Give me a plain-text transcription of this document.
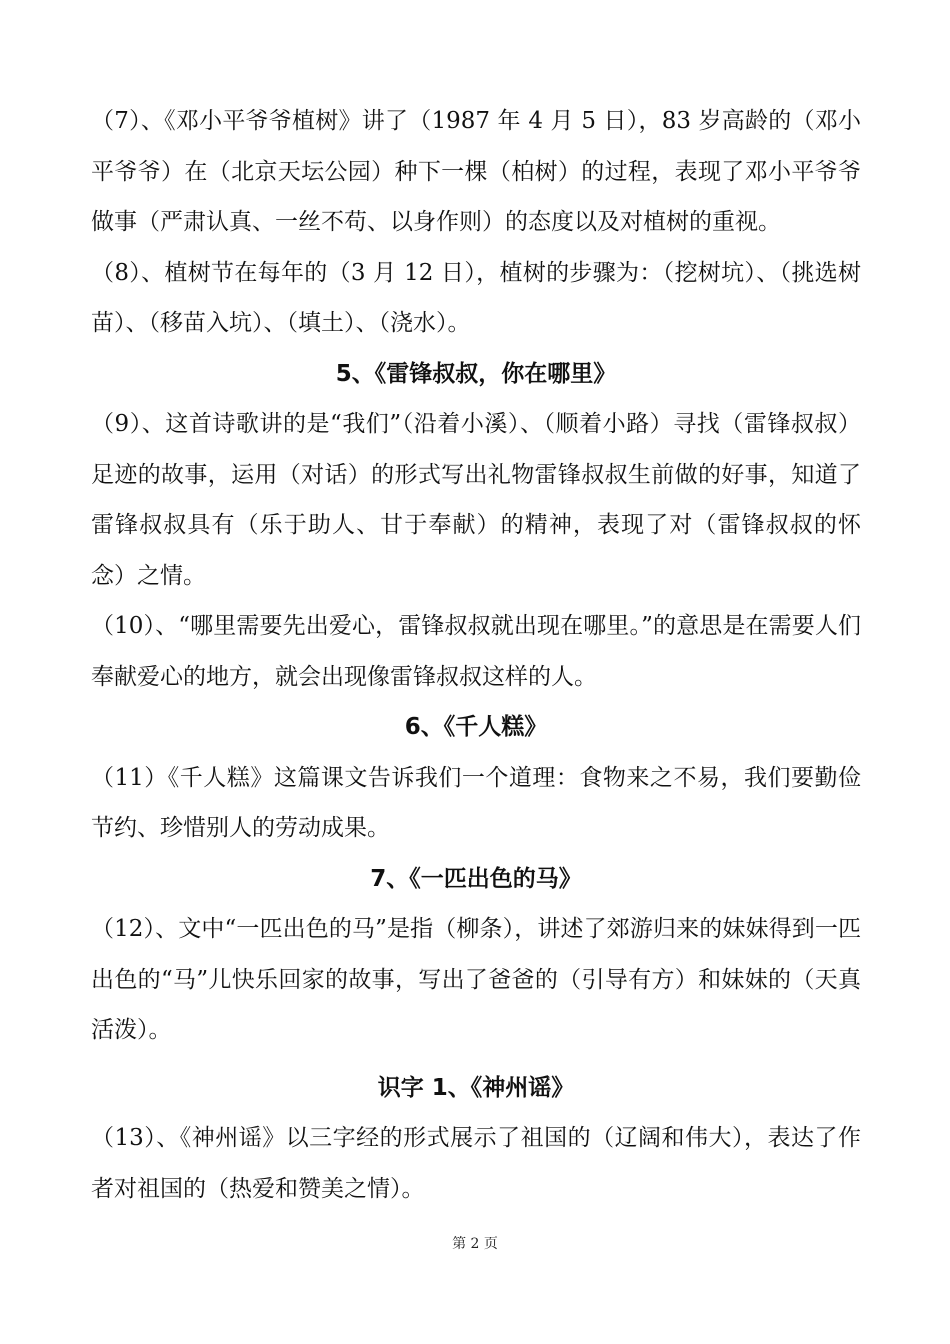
（7）、《邓小平爷爷植树》讲了（1987 年 4 月 5 日），83 岁高龄的（邓小平爷爷）在（北京天坛公园）种下一棵（柏树）的过程，表现了邓小平爷爷做事（严肃认真、一丝不苟、以身作则）的态度以及对植树的重视。

（8）、植树节在每年的（3 月 12 日），植树的步骤为：（挖树坑）、（挑选树苗）、（移苗入坑）、（填土）、（浇水）。

5、《雷锋叔叔，你在哪里》

（9）、这首诗歌讲的是“我们”（沿着小溪）、（顺着小路）寻找（雷锋叔叔）足迹的故事，运用（对话）的形式写出礼物雷锋叔叔生前做的好事，知道了雷锋叔叔具有（乐于助人、甘于奉献）的精神，表现了对（雷锋叔叔的怀念）之情。

（10）、“哪里需要先出爱心，雷锋叔叔就出现在哪里。”的意思是在需要人们奉献爱心的地方，就会出现像雷锋叔叔这样的人。

6、《千人糕》

（11）《千人糕》这篇课文告诉我们一个道理：食物来之不易，我们要勤俭节约、珍惜别人的劳动成果。

7、《一匹出色的马》

（12）、文中“一匹出色的马”是指（柳条），讲述了郊游归来的妹妹得到一匹出色的“马”儿快乐回家的故事，写出了爸爸的（引导有方）和妹妹的（天真活泼）。

识字 1、《神州谣》

（13）、《神州谣》以三字经的形式展示了祖国的（辽阔和伟大），表达了作者对祖国的（热爱和赞美之情）。

第 2 页
